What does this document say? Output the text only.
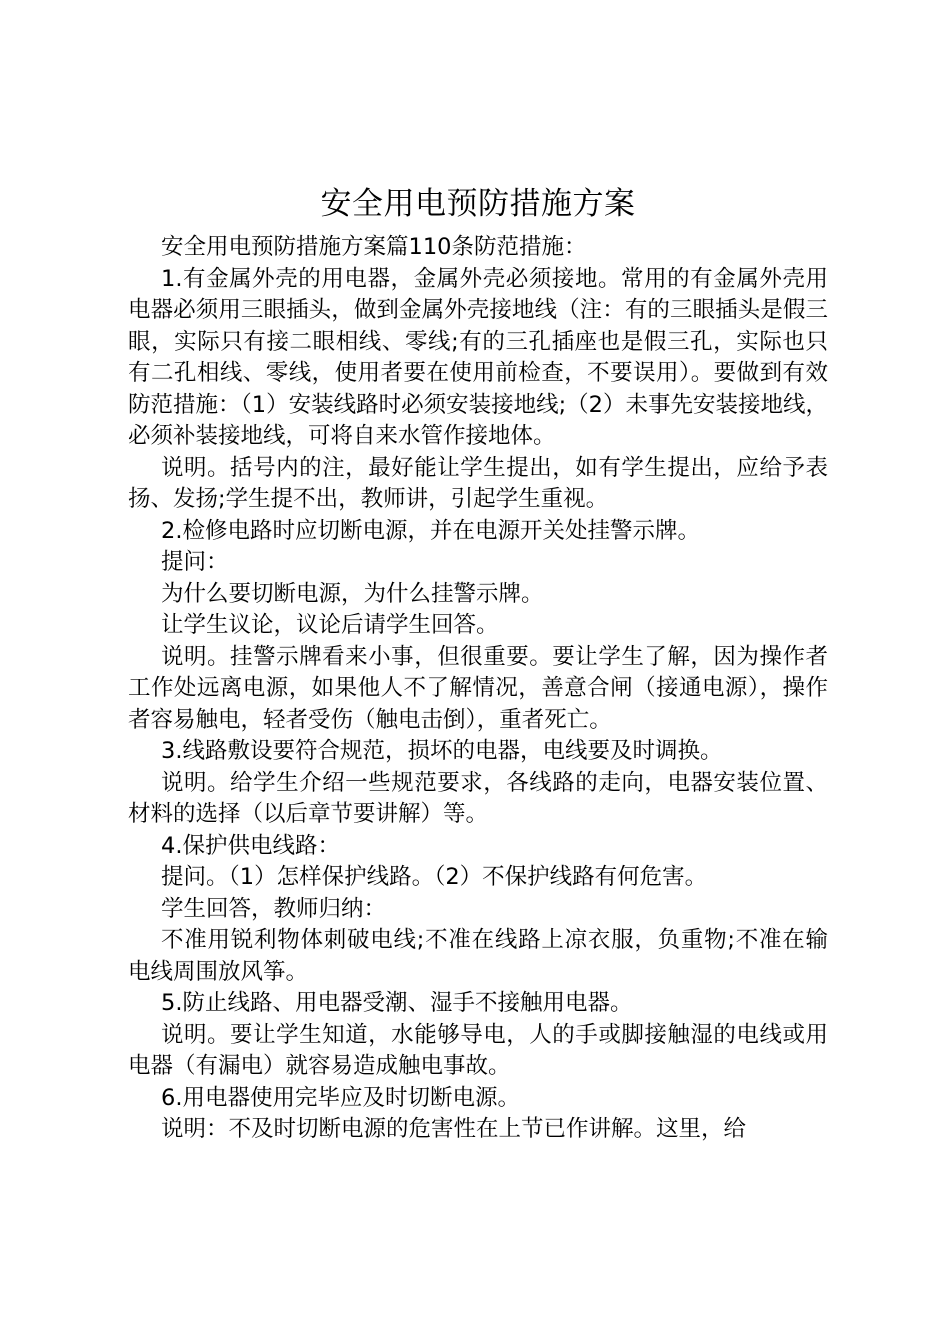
安全用电预防措施方案

安全用电预防措施方案篇110条防范措施：

1.有金属外壳的用电器，金属外壳必须接地。常用的有金属外壳用电器必须用三眼插头，做到金属外壳接地线（注：有的三眼插头是假三眼，实际只有接二眼相线、零线;有的三孔插座也是假三孔，实际也只有二孔相线、零线，使用者要在使用前检查，不要误用）。要做到有效防范措施：（1）安装线路时必须安装接地线;（2）未事先安装接地线，必须补装接地线，可将自来水管作接地体。

说明。括号内的注，最好能让学生提出，如有学生提出，应给予表扬、发扬;学生提不出，教师讲，引起学生重视。

2.检修电路时应切断电源，并在电源开关处挂警示牌。

提问：

为什么要切断电源，为什么挂警示牌。

让学生议论，议论后请学生回答。

说明。挂警示牌看来小事，但很重要。要让学生了解，因为操作者工作处远离电源，如果他人不了解情况，善意合闸（接通电源），操作者容易触电，轻者受伤（触电击倒），重者死亡。

3.线路敷设要符合规范，损坏的电器，电线要及时调换。

说明。给学生介绍一些规范要求，各线路的走向，电器安装位置、材料的选择（以后章节要讲解）等。

4.保护供电线路：

提问。（1）怎样保护线路。（2）不保护线路有何危害。

学生回答，教师归纳：

不准用锐利物体刺破电线;不准在线路上凉衣服，负重物;不准在输电线周围放风筝。

5.防止线路、用电器受潮、湿手不接触用电器。

说明。要让学生知道，水能够导电，人的手或脚接触湿的电线或用电器（有漏电）就容易造成触电事故。

6.用电器使用完毕应及时切断电源。

说明：不及时切断电源的危害性在上节已作讲解。这里，给
